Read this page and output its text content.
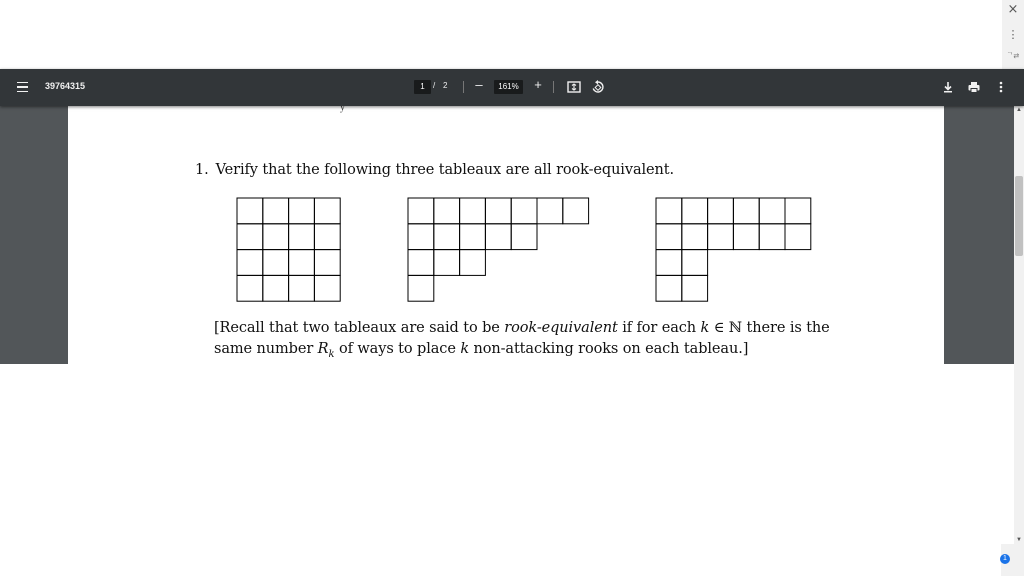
×
⋮
ᄀ⇄
39764315	1	/ 2 –	161%	+
y
1. Verify that the following three tableaux are all rook-equivalent.
[Recall that two tableaux are said to be rook-equivalent if for each k ∈ ℕ there is the
same number $R_k$ of ways to place k non-attacking rooks on each tableau.]
▲
▼
1
